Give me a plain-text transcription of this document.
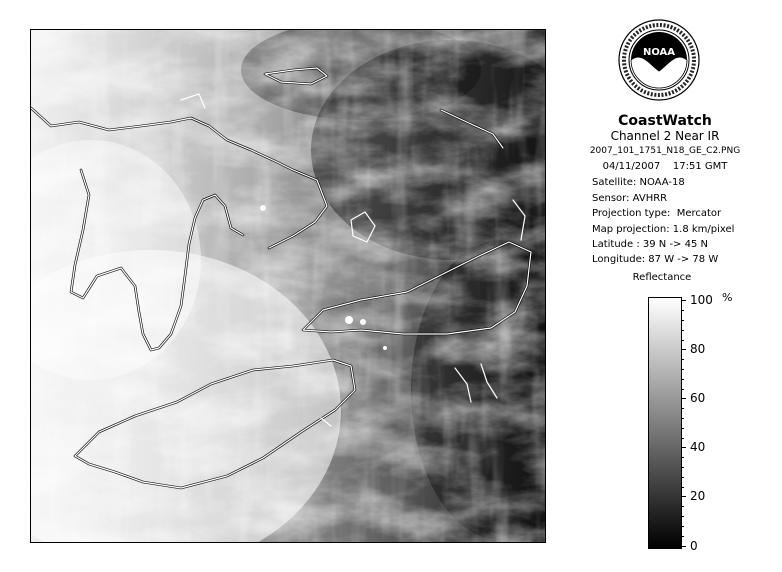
NOAA
CoastWatch
Channel 2 Near IR
2007_101_1751_N18_GE_C2.PNG
04/11/2007    17:51 GMT
Satellite: NOAA-18
Sensor: AVHRR
Projection type:  Mercator
Map projection: 1.8 km/pixel
Latitude : 39 N -> 45 N
Longitude: 87 W -> 78 W
Reflectance
%
100
80
60
40
20
0
